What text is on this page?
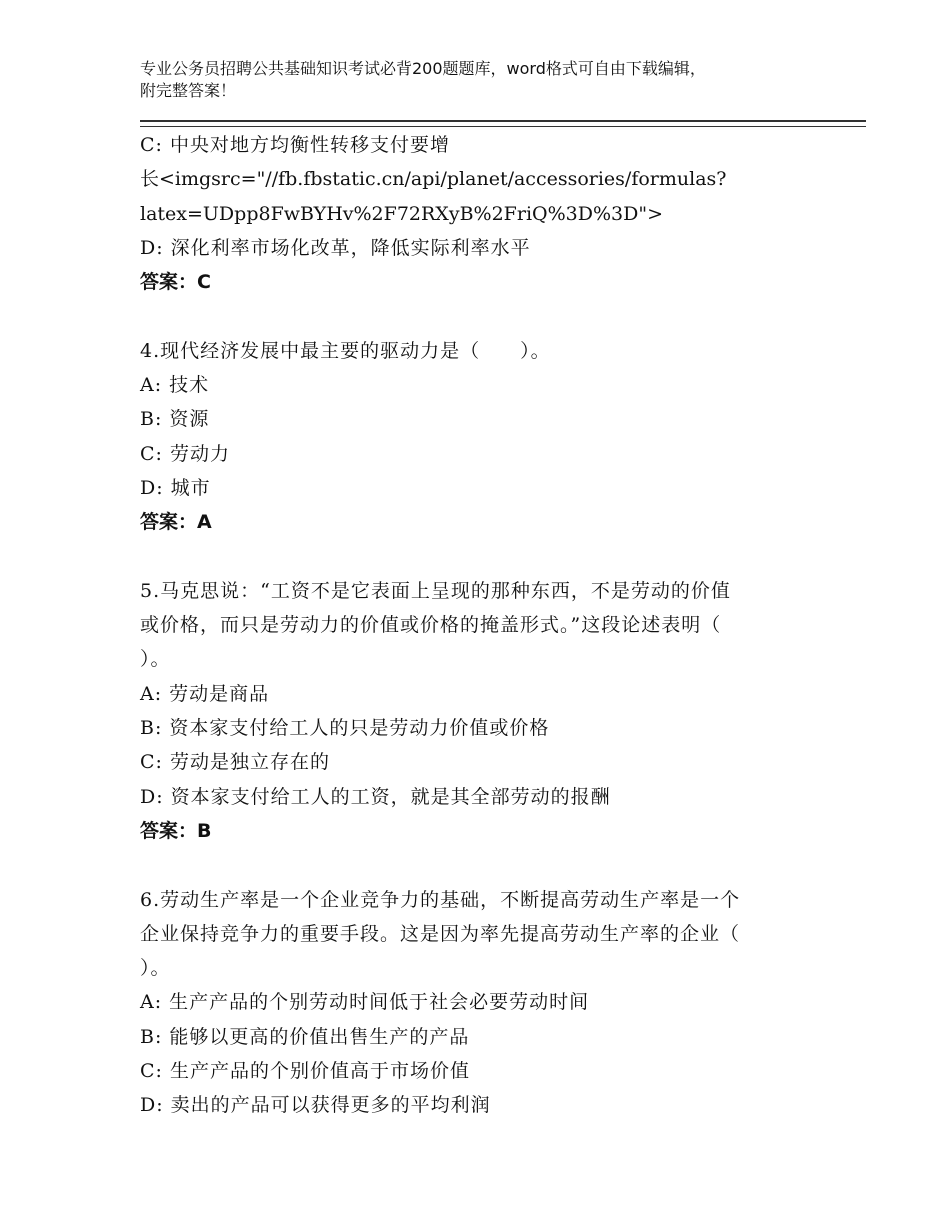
专业公务员招聘公共基础知识考试必背200题题库，word格式可自由下载编辑，
附完整答案！
C: 中央对地方均衡性转移支付要增
长<imgsrc="//fb.fbstatic.cn/api/planet/accessories/formulas?
latex=UDpp8FwBYHv%2F72RXyB%2FriQ%3D%3D">
D: 深化利率市场化改革，降低实际利率水平
答案：C
4.现代经济发展中最主要的驱动力是（　　）。
A: 技术
B: 资源
C: 劳动力
D: 城市
答案：A
5.马克思说：“工资不是它表面上呈现的那种东西，不是劳动的价值
或价格，而只是劳动力的价值或价格的掩盖形式。”这段论述表明（
）。
A: 劳动是商品
B: 资本家支付给工人的只是劳动力价值或价格
C: 劳动是独立存在的
D: 资本家支付给工人的工资，就是其全部劳动的报酬
答案：B
6.劳动生产率是一个企业竞争力的基础，不断提高劳动生产率是一个
企业保持竞争力的重要手段。这是因为率先提高劳动生产率的企业（
）。
A: 生产产品的个别劳动时间低于社会必要劳动时间
B: 能够以更高的价值出售生产的产品
C: 生产产品的个别价值高于市场价值
D: 卖出的产品可以获得更多的平均利润
